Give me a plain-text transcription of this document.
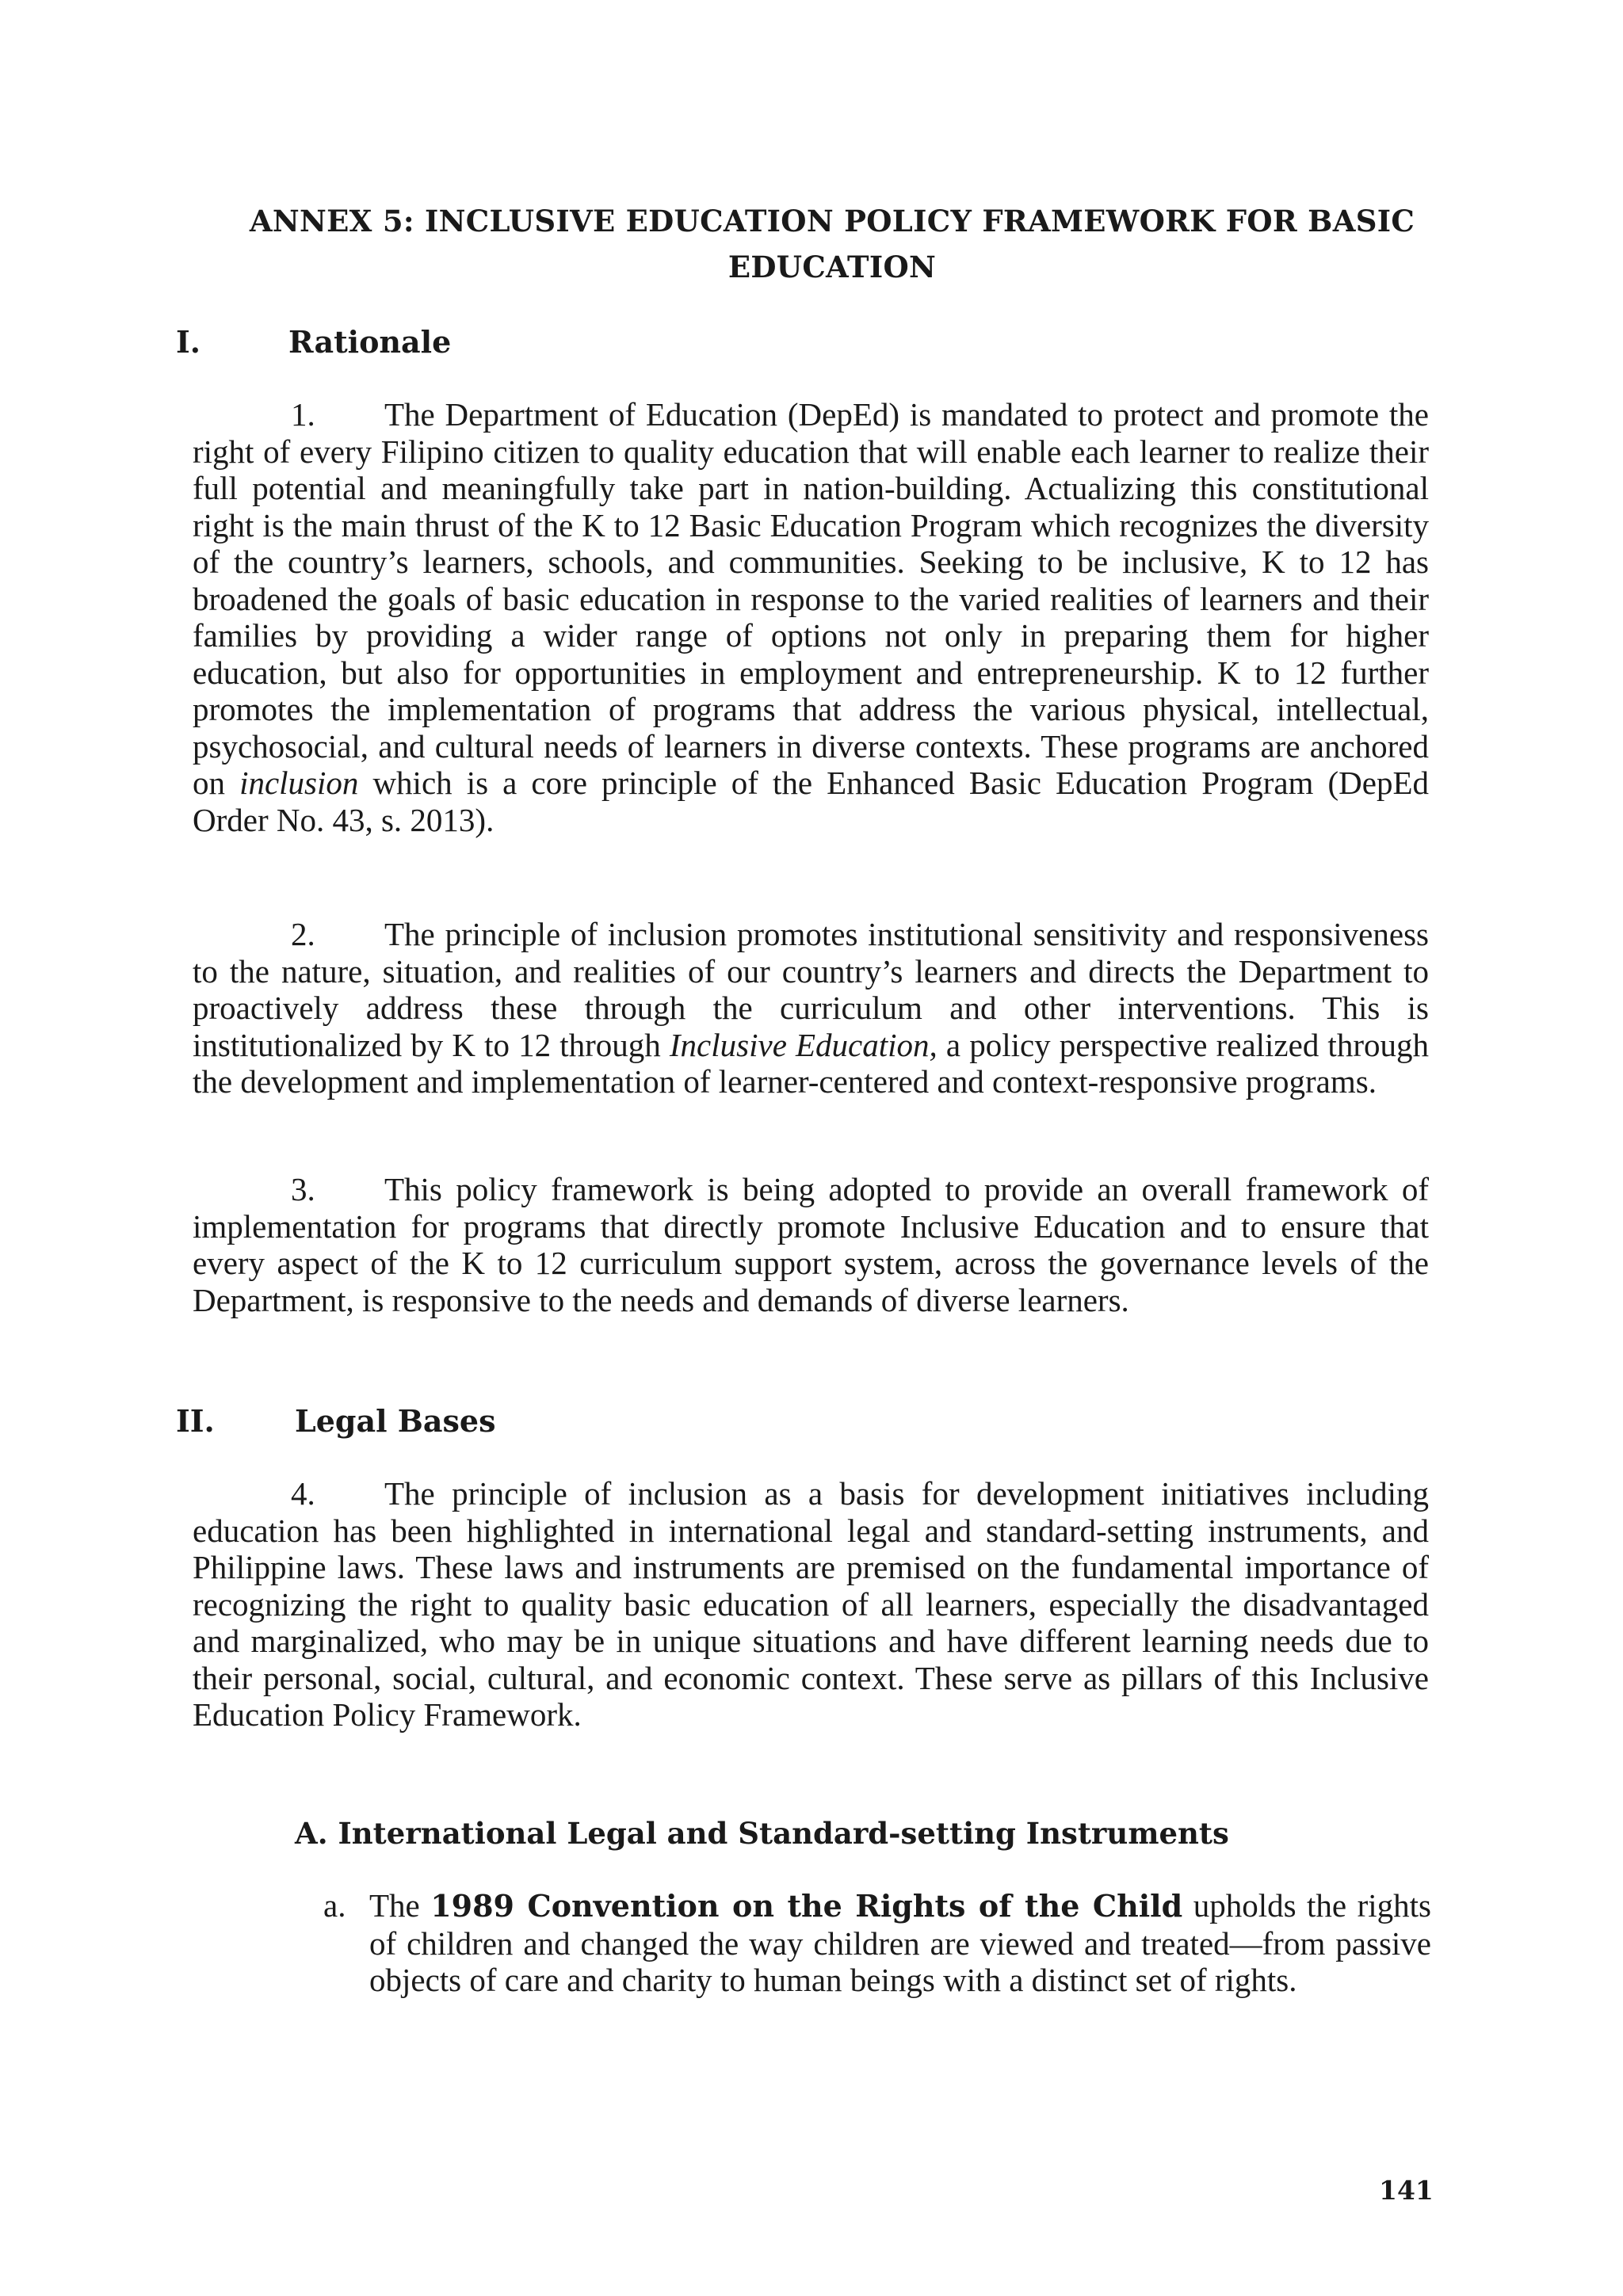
ANNEX 5: INCLUSIVE EDUCATION POLICY FRAMEWORK FOR BASIC
EDUCATION
I.	Rationale
1. The Department of Education (DepEd) is mandated to protect and promote the right of every Filipino citizen to quality education that will enable each learner to realize their full potential and meaningfully take part in nation-building. Actualizing this constitutional right is the main thrust of the K to 12 Basic Education Program which recognizes the diversity of the country’s learners, schools, and communities. Seeking to be inclusive, K to 12 has broadened the goals of basic education in response to the varied realities of learners and their families by providing a wider range of options not only in preparing them for higher education, but also for opportunities in employment and entrepreneurship. K to 12 further promotes the implementation of programs that address the various physical, intellectual, psychosocial, and cultural needs of learners in diverse contexts. These programs are anchored on inclusion which is a core principle of the Enhanced Basic Education Program (DepEd Order No. 43, s. 2013).
2. The principle of inclusion promotes institutional sensitivity and responsiveness to the nature, situation, and realities of our country’s learners and directs the Department to proactively address these through the curriculum and other interventions. This is institutionalized by K to 12 through Inclusive Education, a policy perspective realized through the development and implementation of learner-centered and context-responsive programs.
3. This policy framework is being adopted to provide an overall framework of implementation for programs that directly promote Inclusive Education and to ensure that every aspect of the K to 12 curriculum support system, across the governance levels of the Department, is responsive to the needs and demands of diverse learners.
II.	Legal Bases
4. The principle of inclusion as a basis for development initiatives including education has been highlighted in international legal and standard-setting instruments, and Philippine laws. These laws and instruments are premised on the fundamental importance of recognizing the right to quality basic education of all learners, especially the disadvantaged and marginalized, who may be in unique situations and have different learning needs due to their personal, social, cultural, and economic context. These serve as pillars of this Inclusive Education Policy Framework.
A. International Legal and Standard-setting Instruments
a. The 1989 Convention on the Rights of the Child upholds the rights of children and changed the way children are viewed and treated—from passive objects of care and charity to human beings with a distinct set of rights.
141
